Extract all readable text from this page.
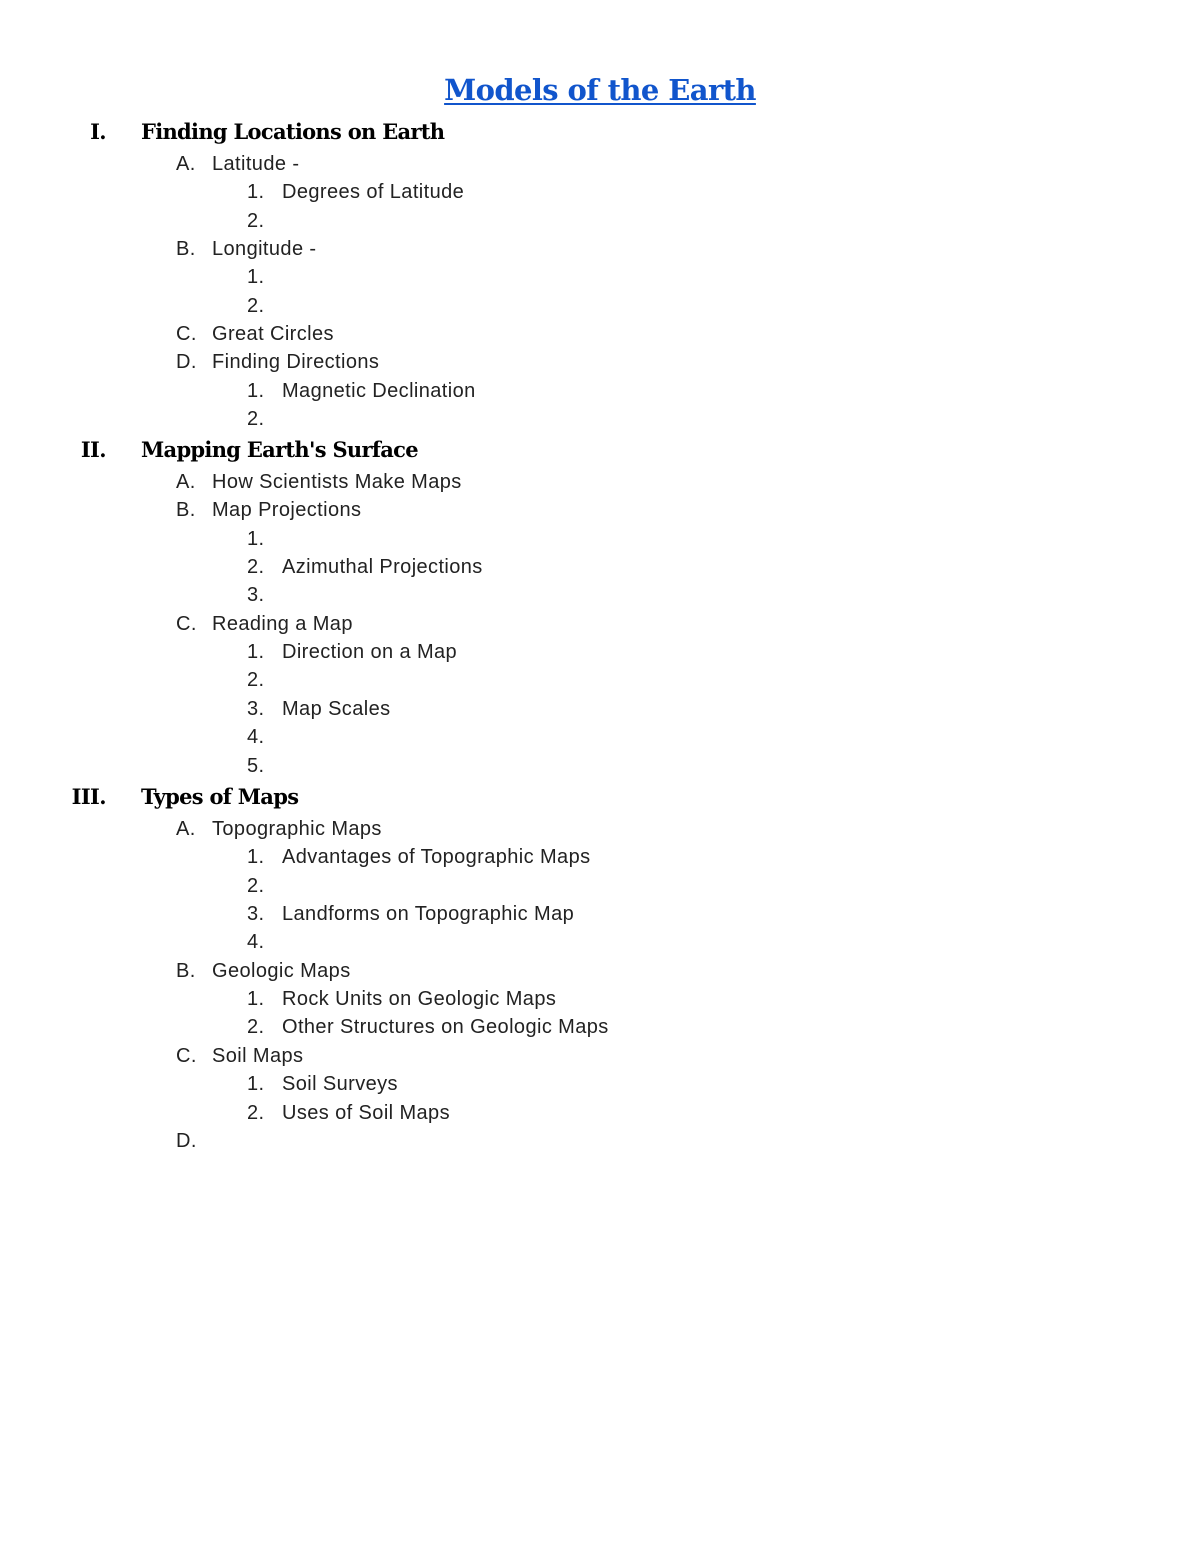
Models of the Earth
I. Finding Locations on Earth
A. Latitude -
1. Degrees of Latitude
2.
B. Longitude -
1.
2.
C. Great Circles
D. Finding Directions
1. Magnetic Declination
2.
II. Mapping Earth's Surface
A. How Scientists Make Maps
B. Map Projections
1.
2. Azimuthal Projections
3.
C. Reading a Map
1. Direction on a Map
2.
3. Map Scales
4.
5.
III. Types of Maps
A. Topographic Maps
1. Advantages of Topographic Maps
2.
3. Landforms on Topographic Map
4.
B. Geologic Maps
1. Rock Units on Geologic Maps
2. Other Structures on Geologic Maps
C. Soil Maps
1. Soil Surveys
2. Uses of Soil Maps
D.
